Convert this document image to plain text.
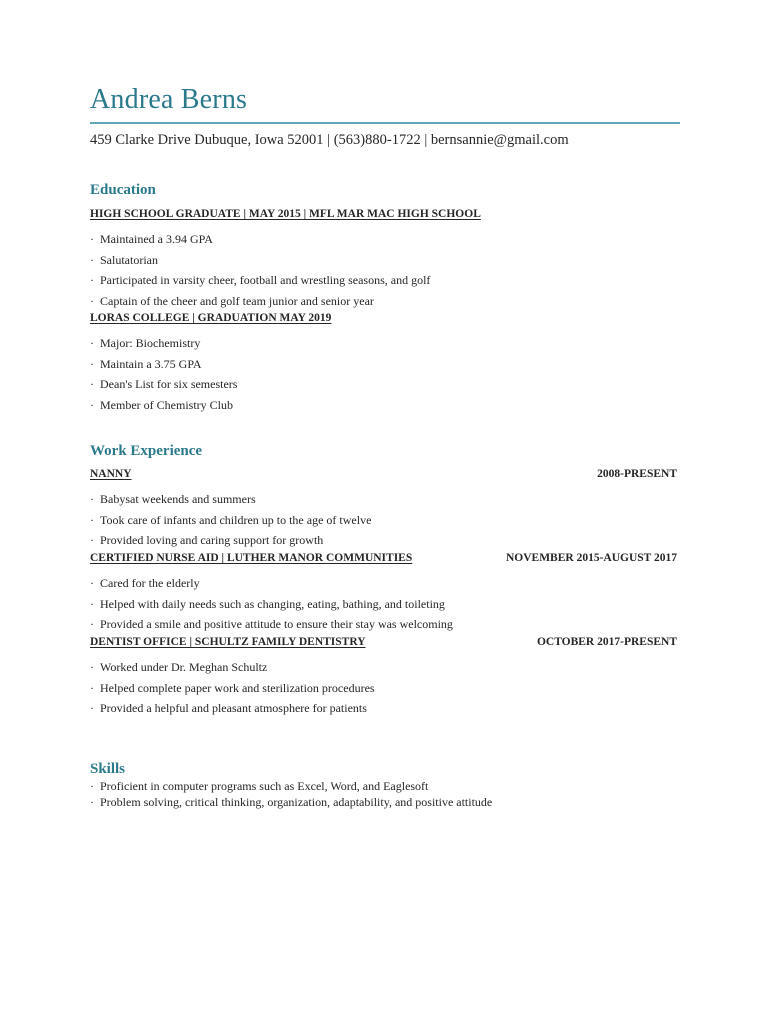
Andrea Berns
459 Clarke Drive Dubuque, Iowa 52001 | (563)880-1722 | bernsannie@gmail.com
Education
HIGH SCHOOL GRADUATE | MAY 2015 | MFL MAR MAC HIGH SCHOOL
· Maintained a 3.94 GPA
· Salutatorian
· Participated in varsity cheer, football and wrestling seasons, and golf
· Captain of the cheer and golf team junior and senior year
LORAS COLLEGE | GRADUATION MAY 2019
· Major: Biochemistry
· Maintain a 3.75 GPA
· Dean's List for six semesters
· Member of Chemistry Club
Work Experience
NANNY	2008-PRESENT
· Babysat weekends and summers
· Took care of infants and children up to the age of twelve
· Provided loving and caring support for growth
CERTIFIED NURSE AID | LUTHER MANOR COMMUNITIES	NOVEMBER 2015-AUGUST 2017
· Cared for the elderly
· Helped with daily needs such as changing, eating, bathing, and toileting
· Provided a smile and positive attitude to ensure their stay was welcoming
DENTIST OFFICE | SCHULTZ FAMILY DENTISTRY	OCTOBER 2017-PRESENT
· Worked under Dr. Meghan Schultz
· Helped complete paper work and sterilization procedures
· Provided a helpful and pleasant atmosphere for patients
Skills
· Proficient in computer programs such as Excel, Word, and Eaglesoft
· Problem solving, critical thinking, organization, adaptability, and positive attitude
